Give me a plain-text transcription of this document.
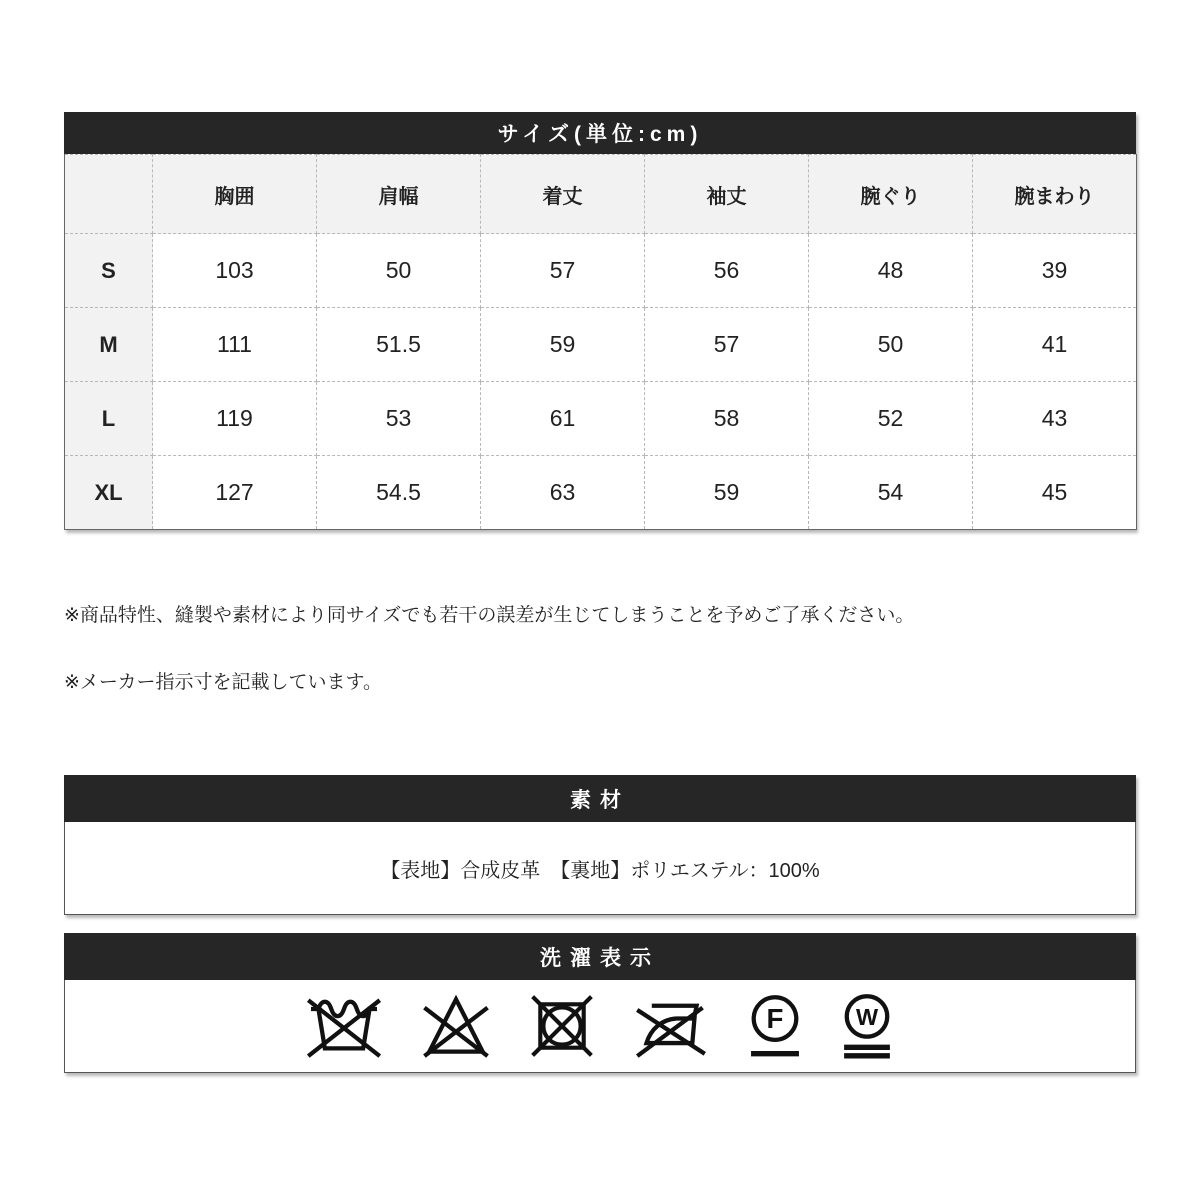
サイズ(単位:cm)
	胸囲	肩幅	着丈	袖丈	腕ぐり	腕まわり
S	103	50	57	56	48	39
M	111	51.5	59	57	50	41
L	119	53	61	58	52	43
XL	127	54.5	63	59	54	45
※商品特性、縫製や素材により同サイズでも若干の誤差が生じてしまうことを予めご了承ください。
※メーカー指示寸を記載しています。
素材
【表地】合成皮革　【裏地】ポリエステル：100%
洗濯表示
F	W
